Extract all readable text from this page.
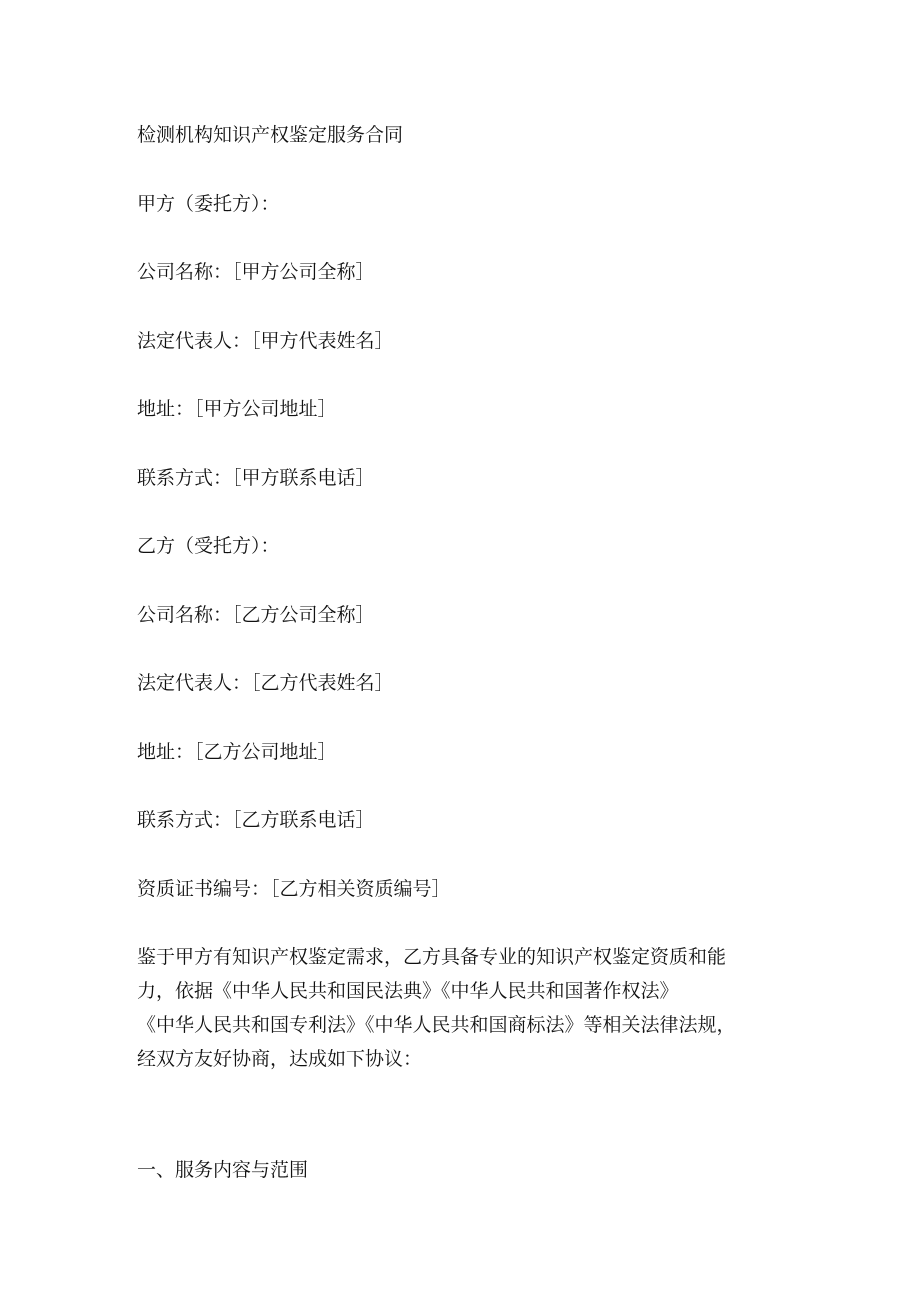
检测机构知识产权鉴定服务合同
甲方（委托方）：
公司名称：［甲方公司全称］
法定代表人：［甲方代表姓名］
地址：［甲方公司地址］
联系方式：［甲方联系电话］
乙方（受托方）：
公司名称：［乙方公司全称］
法定代表人：［乙方代表姓名］
地址：［乙方公司地址］
联系方式：［乙方联系电话］
资质证书编号：［乙方相关资质编号］
鉴于甲方有知识产权鉴定需求，乙方具备专业的知识产权鉴定资质和能
力，依据《中华人民共和国民法典》《中华人民共和国著作权法》
《中华人民共和国专利法》《中华人民共和国商标法》等相关法律法规，
经双方友好协商，达成如下协议：
一、服务内容与范围
